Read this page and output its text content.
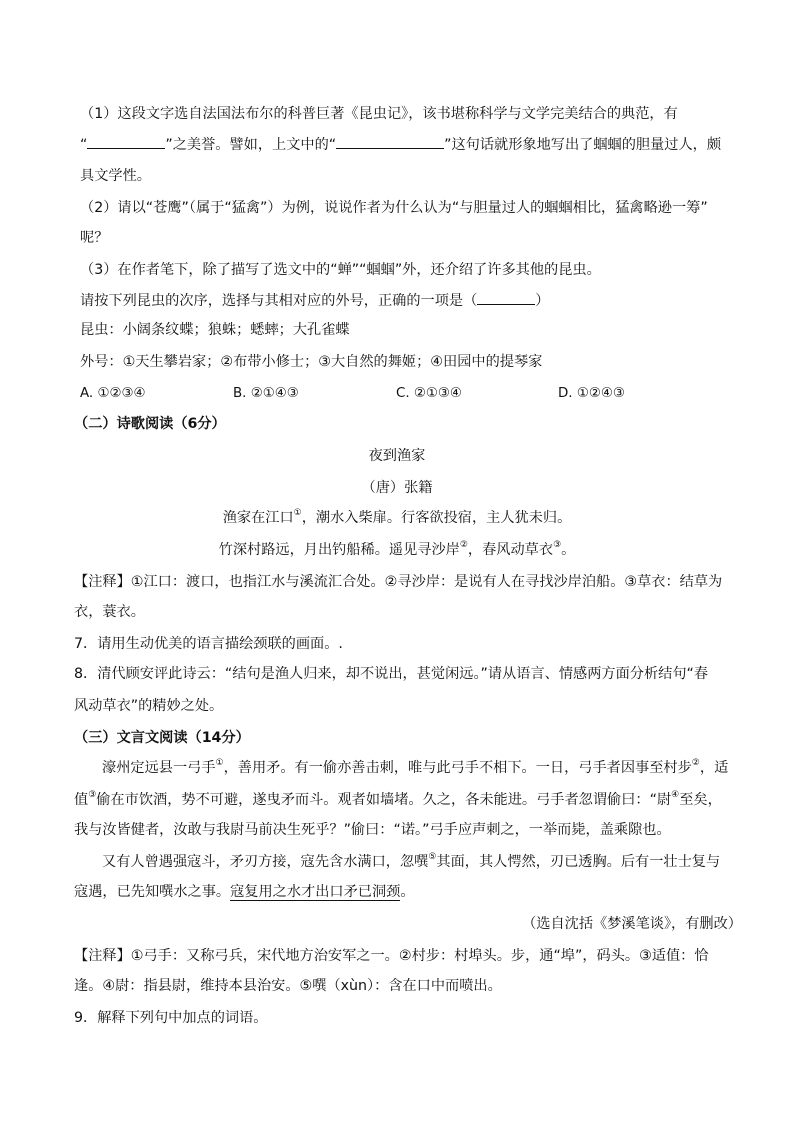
（1）这段文字选自法国法布尔的科普巨著《昆虫记》，该书堪称科学与文学完美结合的典范，有
“	”之美誉。譬如，上文中的“	”这句话就形象地写出了蝈蝈的胆量过人，颇
具文学性。
（2）请以“苍鹰”（属于“猛禽”）为例，说说作者为什么认为“与胆量过人的蝈蝈相比，猛禽略逊一筹”
呢？
（3）在作者笔下，除了描写了选文中的“蝉”“蝈蝈”外，还介绍了许多其他的昆虫。
请按下列昆虫的次序，选择与其相对应的外号，正确的一项是（	）
昆虫：小阔条纹蝶；狼蛛；蟋蟀；大孔雀蝶
外号：①天生攀岩家；②布带小修士；③大自然的舞姬；④田园中的提琴家
A. ①②③④	B. ②①④③	C. ②①③④	D. ①②④③
（二）诗歌阅读（6分）
夜到渔家
（唐）张籍
渔家在江口①，潮水入柴扉。行客欲投宿，主人犹未归。
竹深村路远，月出钓船稀。遥见寻沙岸②，春风动草衣③。
【注释】①江口：渡口，也指江水与溪流汇合处。②寻沙岸：是说有人在寻找沙岸泊船。③草衣：结草为
衣，蓑衣。
7．请用生动优美的语言描绘颈联的画面。.
8．清代顾安评此诗云：“结句是渔人归来，却不说出，甚觉闲远。”请从语言、情感两方面分析结句“春
风动草衣”的精妙之处。
（三）文言文阅读（14分）
濠州定远县一弓手①，善用矛。有一偷亦善击刺，唯与此弓手不相下。一日，弓手者因事至村步②，适
值③偷在市饮酒，势不可避，遂曳矛而斗。观者如墙堵。久之，各未能进。弓手者忽谓偷曰：“尉④至矣，
我与汝皆健者，汝敢与我尉马前决生死乎？”偷曰：“诺。”弓手应声刺之，一举而毙，盖乘隙也。
又有人曾遇强寇斗，矛刃方接，寇先含水满口，忽噀⑤其面，其人愕然，刃已透胸。后有一壮士复与
寇遇，已先知噀水之事。寇复用之水才出口矛已洞颈。
（选自沈括《梦溪笔谈》，有删改）
【注释】①弓手：又称弓兵，宋代地方治安军之一。②村步：村埠头。步，通“埠”，码头。③适值：恰
逢。④尉：指县尉，维持本县治安。⑤噀（xùn）：含在口中而喷出。
9．解释下列句中加点的词语。
